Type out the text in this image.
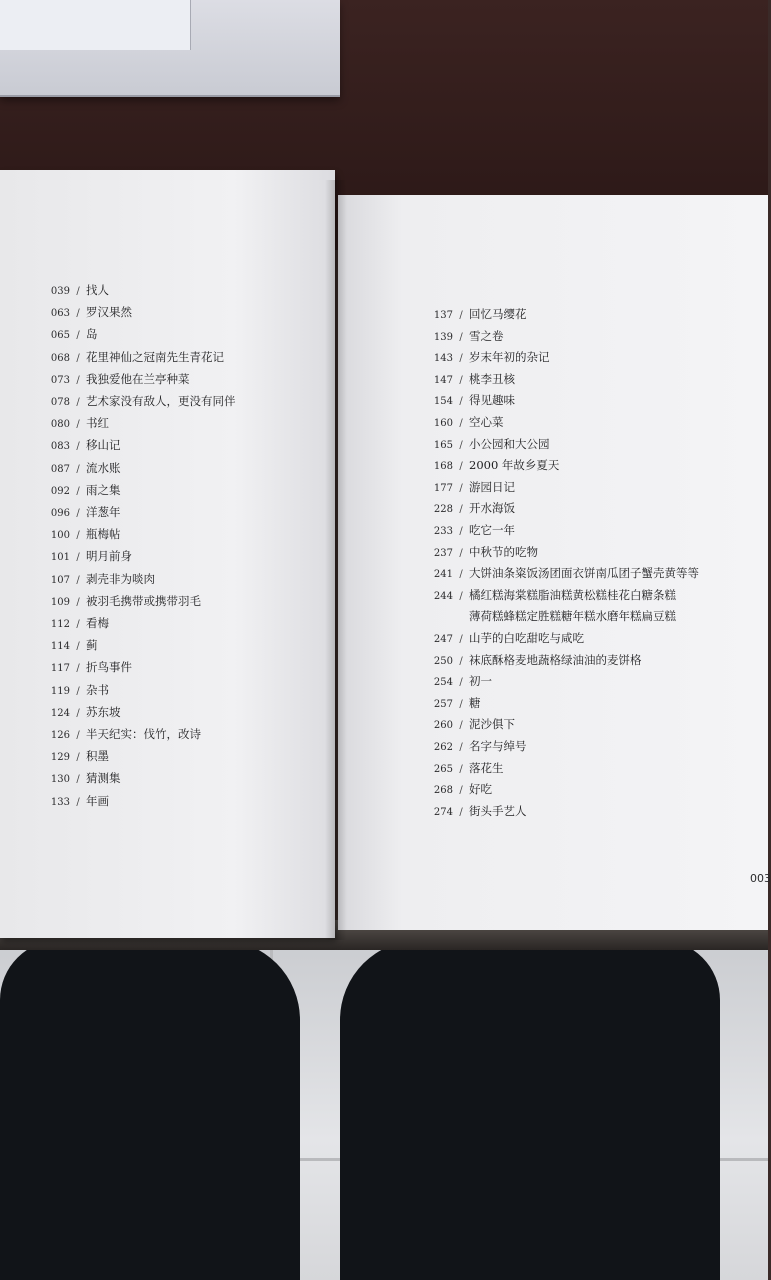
039 / 找人
063 / 罗汉果然
065 / 岛
068 / 花里神仙之冠南先生青花记
073 / 我独爱他在兰亭种菜
078 / 艺术家没有敌人，更没有同伴
080 / 书红
083 / 移山记
087 / 流水账
092 / 雨之集
096 / 洋葱年
100 / 瓶梅帖
101 / 明月前身
107 / 剥壳非为啖肉
109 / 被羽毛携带或携带羽毛
112 / 看梅
114 / 蓟
117 / 折鸟事件
119 / 杂书
124 / 苏东坡
126 / 半天纪实：伐竹，改诗
129 / 积墨
130 / 猜测集
133 / 年画
137 / 回忆马缨花
139 / 雪之卷
143 / 岁末年初的杂记
147 / 桃李丑核
154 / 得见趣味
160 / 空心菜
165 / 小公园和大公园
168 / 2000 年故乡夏天
177 / 游园日记
228 / 开水海饭
233 / 吃它一年
237 / 中秋节的吃物
241 / 大饼油条粢饭汤团面衣饼南瓜团子蟹壳黄等等
244 / 橘红糕海棠糕脂油糕黄松糕桂花白糖条糕
薄荷糕蜂糕定胜糕糖年糕水磨年糕扁豆糕
247 / 山芋的白吃甜吃与咸吃
250 / 袜底酥格麦地蔬格绿油油的麦饼格
254 / 初一
257 / 糖
260 / 泥沙俱下
262 / 名字与绰号
265 / 落花生
268 / 好吃
274 / 街头手艺人
003
